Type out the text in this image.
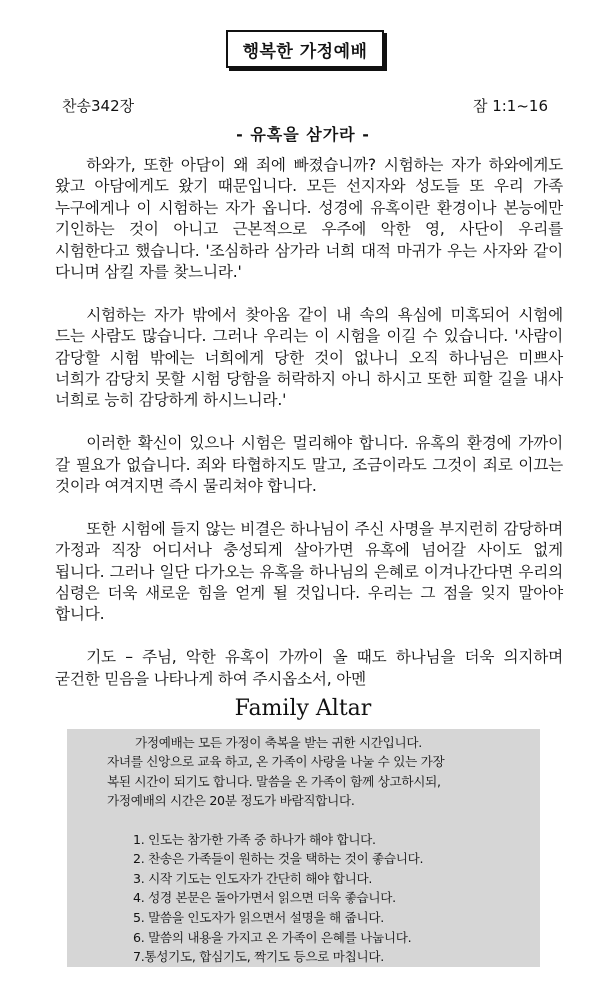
행복한 가정예배
찬송342장	잠 1:1~16
- 유혹을 삼가라 -

하와가, 또한 아담이 왜 죄에 빠졌습니까? 시험하는 자가 하와에게도 왔고 아담에게도 왔기 때문입니다. 모든 선지자와 성도들 또 우리 가족 누구에게나 이 시험하는 자가 옵니다. 성경에 유혹이란 환경이나 본능에만 기인하는 것이 아니고 근본적으로 우주에 악한 영, 사단이 우리를 시험한다고 했습니다. '조심하라 삼가라 너희 대적 마귀가 우는 사자와 같이 다니며 삼킬 자를 찾느니라.'

시험하는 자가 밖에서 찾아옴 같이 내 속의 욕심에 미혹되어 시험에 드는 사람도 많습니다. 그러나 우리는 이 시험을 이길 수 있습니다. '사람이 감당할 시험 밖에는 너희에게 당한 것이 없나니 오직 하나님은 미쁘사 너희가 감당치 못할 시험 당함을 허락하지 아니 하시고 또한 피할 길을 내사 너희로 능히 감당하게 하시느니라.'

이러한 확신이 있으나 시험은 멀리해야 합니다. 유혹의 환경에 가까이 갈 필요가 없습니다. 죄와 타협하지도 말고, 조금이라도 그것이 죄로 이끄는 것이라 여겨지면 즉시 물리쳐야 합니다.

또한 시험에 들지 않는 비결은 하나님이 주신 사명을 부지런히 감당하며 가정과 직장 어디서나 충성되게 살아가면 유혹에 넘어갈 사이도 없게 됩니다. 그러나 일단 다가오는 유혹을 하나님의 은혜로 이겨나간다면 우리의 심령은 더욱 새로운 힘을 얻게 될 것입니다. 우리는 그 점을 잊지 말아야 합니다.

기도 – 주님, 악한 유혹이 가까이 올 때도 하나님을 더욱 의지하며 굳건한 믿음을 나타나게 하여 주시옵소서, 아멘

Family Altar
가정예배는 모든 가정이 축복을 받는 귀한 시간입니다.
자녀를 신앙으로 교육 하고, 온 가족이 사랑을 나눌 수 있는 가장
복된 시간이 되기도 합니다. 말씀을 온 가족이 함께 상고하시되,
가정예배의 시간은 20분 정도가 바람직합니다.
1. 인도는 참가한 가족 중 하나가 해야 합니다.
2. 찬송은 가족들이 원하는 것을 택하는 것이 좋습니다.
3. 시작 기도는 인도자가 간단히 해야 합니다.
4. 성경 본문은 돌아가면서 읽으면 더욱 좋습니다.
5. 말씀을 인도자가 읽으면서 설명을 해 줍니다.
6. 말씀의 내용을 가지고 온 가족이 은혜를 나눕니다.
7.통성기도, 합심기도, 짝기도 등으로 마칩니다.
